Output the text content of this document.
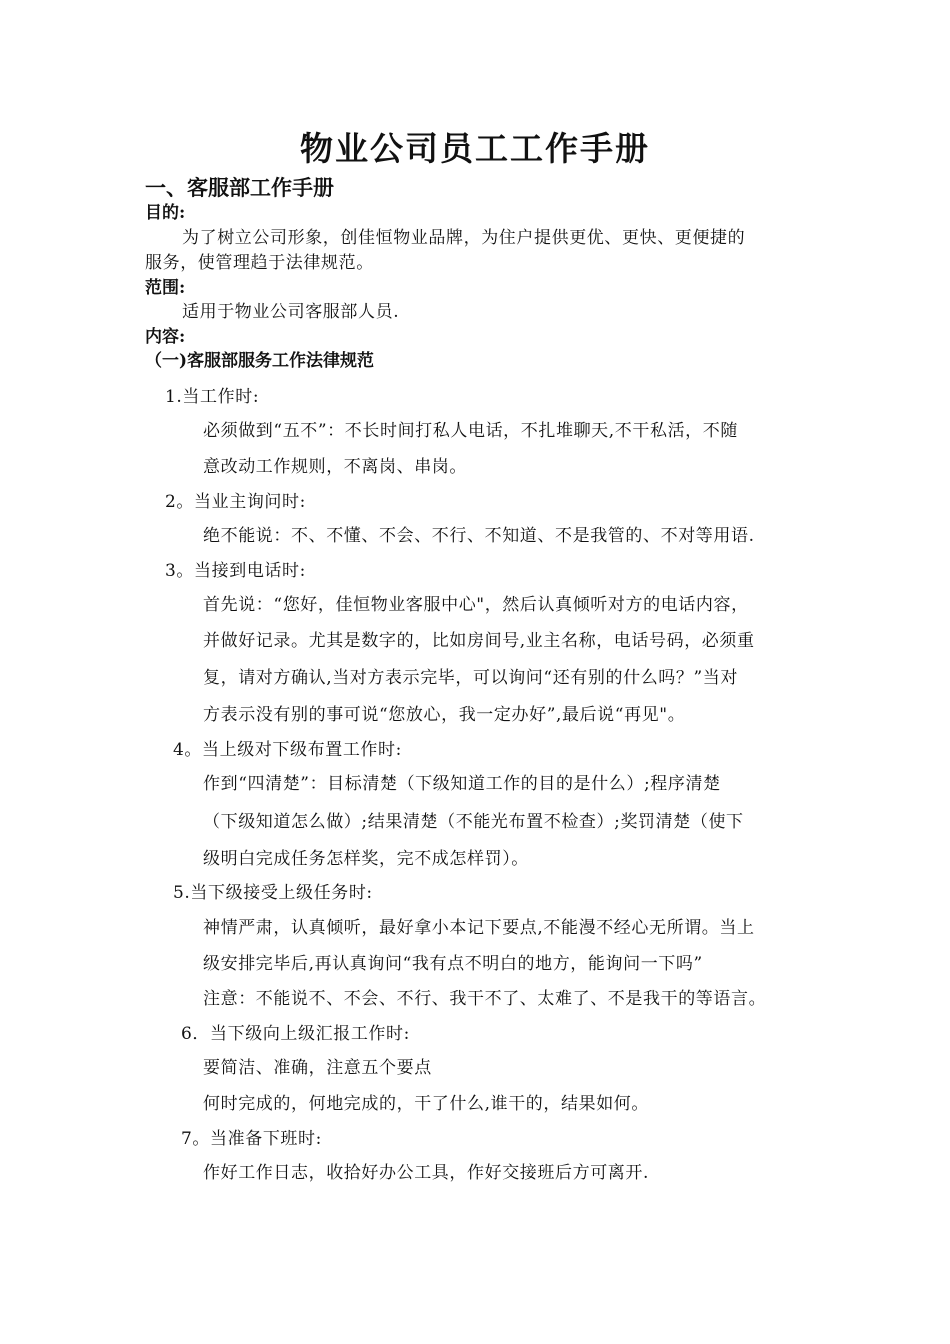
物业公司员工工作手册
一、客服部工作手册
目的:
为了树立公司形象，创佳恒物业品牌，为住户提供更优、更快、更便捷的
服务，使管理趋于法律规范。
范围:
适用于物业公司客服部人员.
内容:
（一)客服部服务工作法律规范
1.当工作时:
必须做到“五不”：不长时间打私人电话，不扎堆聊天,不干私活，不随
意改动工作规则，不离岗、串岗。
2。当业主询问时:
绝不能说：不、不懂、不会、不行、不知道、不是我管的、不对等用语.
3。当接到电话时:
首先说：“您好，佳恒物业客服中心"，然后认真倾听对方的电话内容，
并做好记录。尤其是数字的，比如房间号,业主名称，电话号码，必须重
复，请对方确认,当对方表示完毕，可以询问“还有别的什么吗？”当对
方表示没有别的事可说“您放心，我一定办好”,最后说“再见"。
4。当上级对下级布置工作时:
作到“四清楚”：目标清楚（下级知道工作的目的是什么）;程序清楚
（下级知道怎么做）;结果清楚（不能光布置不检查）;奖罚清楚（使下
级明白完成任务怎样奖，完不成怎样罚）。
5.当下级接受上级任务时:
神情严肃，认真倾听，最好拿小本记下要点,不能漫不经心无所谓。当上
级安排完毕后,再认真询问“我有点不明白的地方，能询问一下吗”
注意：不能说不、不会、不行、我干不了、太难了、不是我干的等语言。
6．当下级向上级汇报工作时:
要简洁、准确，注意五个要点
何时完成的，何地完成的，干了什么,谁干的，结果如何。
7。当准备下班时:
作好工作日志，收拾好办公工具，作好交接班后方可离开.
